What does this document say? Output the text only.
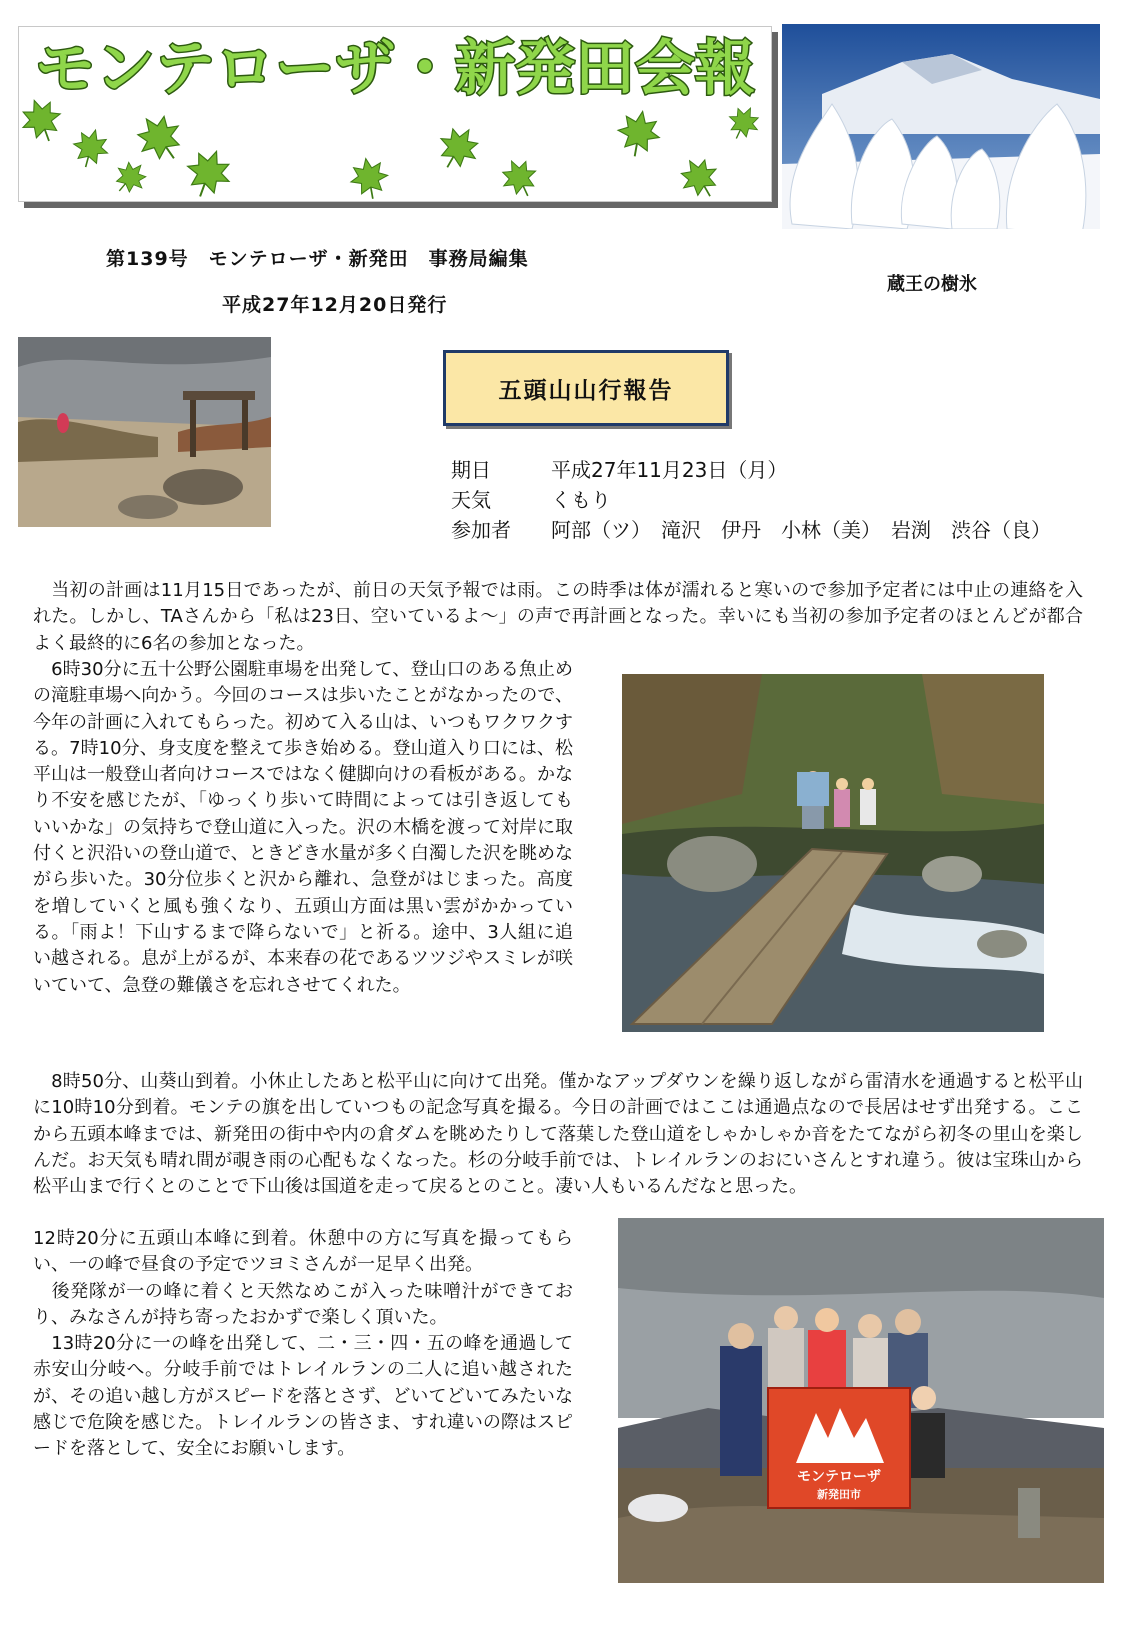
モンテローザ・新発田会報
第139号　モンテローザ・新発田　事務局編集
平成27年12月20日発行
蔵王の樹氷
五頭山山行報告
期日	平成27年11月23日（月）
天気	くもり
参加者 阿部（ツ）　滝沢　伊丹　小林（美）　岩渕　渋谷（良）

　当初の計画は11月15日であったが、前日の天気予報では雨。この時季は体が濡れると寒いので参加予定者には中止の連絡を入れた。しかし、TAさんから「私は23日、空いているよ～」の声で再計画となった。幸いにも当初の参加予定者のほとんどが都合よく最終的に6名の参加となった。

　6時30分に五十公野公園駐車場を出発して、登山口のある魚止めの滝駐車場へ向かう。今回のコースは歩いたことがなかったので、今年の計画に入れてもらった。初めて入る山は、いつもワクワクする。7時10分、身支度を整えて歩き始める。登山道入り口には、松平山は一般登山者向けコースではなく健脚向けの看板がある。かなり不安を感じたが、「ゆっくり歩いて時間によっては引き返してもいいかな」の気持ちで登山道に入った。沢の木橋を渡って対岸に取付くと沢沿いの登山道で、ときどき水量が多く白濁した沢を眺めながら歩いた。30分位歩くと沢から離れ、急登がはじまった。高度を増していくと風も強くなり、五頭山方面は黒い雲がかかっている。「雨よ！下山するまで降らないで」と祈る。途中、3人組に追い越される。息が上がるが、本来春の花であるツツジやスミレが咲いていて、急登の難儀さを忘れさせてくれた。

　8時50分、山葵山到着。小休止したあと松平山に向けて出発。僅かなアップダウンを繰り返しながら雷清水を通過すると松平山に10時10分到着。モンテの旗を出していつもの記念写真を撮る。今日の計画ではここは通過点なので長居はせず出発する。ここから五頭本峰までは、新発田の街中や内の倉ダムを眺めたりして落葉した登山道をしゃかしゃか音をたてながら初冬の里山を楽しんだ。お天気も晴れ間が覗き雨の心配もなくなった。杉の分岐手前では、トレイルランのおにいさんとすれ違う。彼は宝珠山から松平山まで行くとのことで下山後は国道を走って戻るとのこと。凄い人もいるんだなと思った。

12時20分に五頭山本峰に到着。休憩中の方に写真を撮ってもらい、一の峰で昼食の予定でツヨミさんが一足早く出発。
　後発隊が一の峰に着くと天然なめこが入った味噌汁ができており、みなさんが持ち寄ったおかずで楽しく頂いた。
　13時20分に一の峰を出発して、二・三・四・五の峰を通過して赤安山分岐へ。分岐手前ではトレイルランの二人に追い越されたが、その追い越し方がスピードを落とさず、どいてどいてみたいな感じで危険を感じた。トレイルランの皆さま、すれ違いの際はスピードを落として、安全にお願いします。

モンテローザ
新発田市
